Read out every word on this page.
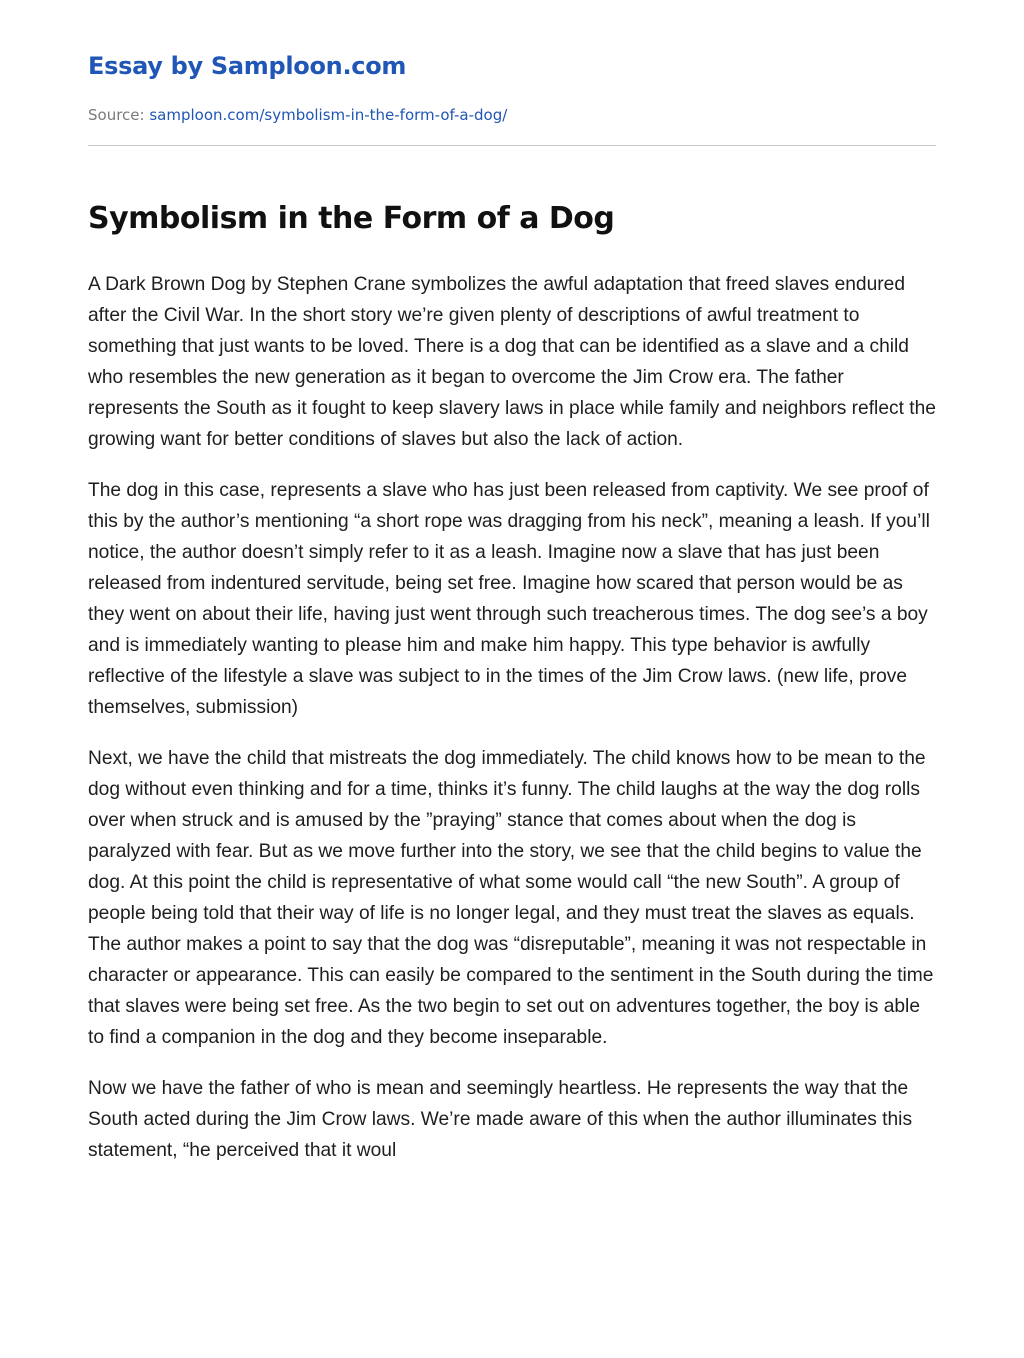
Essay by Samploon.com
Source: samploon.com/symbolism-in-the-form-of-a-dog/
Symbolism in the Form of a Dog

A Dark Brown Dog by Stephen Crane symbolizes the awful adaptation that freed slaves endured after the Civil War. In the short story we’re given plenty of descriptions of awful treatment to something that just wants to be loved. There is a dog that can be identified as a slave and a child who resembles the new generation as it began to overcome the Jim Crow era. The father represents the South as it fought to keep slavery laws in place while family and neighbors reflect the growing want for better conditions of slaves but also the lack of action.

The dog in this case, represents a slave who has just been released from captivity. We see proof of this by the author’s mentioning “a short rope was dragging from his neck”, meaning a leash. If you’ll notice, the author doesn’t simply refer to it as a leash. Imagine now a slave that has just been released from indentured servitude, being set free. Imagine how scared that person would be as they went on about their life, having just went through such treacherous times. The dog see’s a boy and is immediately wanting to please him and make him happy. This type behavior is awfully reflective of the lifestyle a slave was subject to in the times of the Jim Crow laws. (new life, prove themselves, submission)

Next, we have the child that mistreats the dog immediately. The child knows how to be mean to the dog without even thinking and for a time, thinks it’s funny. The child laughs at the way the dog rolls over when struck and is amused by the ”praying” stance that comes about when the dog is paralyzed with fear. But as we move further into the story, we see that the child begins to value the dog. At this point the child is representative of what some would call “the new South”. A group of people being told that their way of life is no longer legal, and they must treat the slaves as equals. The author makes a point to say that the dog was “disreputable”, meaning it was not respectable in character or appearance. This can easily be compared to the sentiment in the South during the time that slaves were being set free. As the two begin to set out on adventures together, the boy is able to find a companion in the dog and they become inseparable.

Now we have the father of who is mean and seemingly heartless. He represents the way that the South acted during the Jim Crow laws. We’re made aware of this when the author illuminates this statement, “he perceived that it woul
